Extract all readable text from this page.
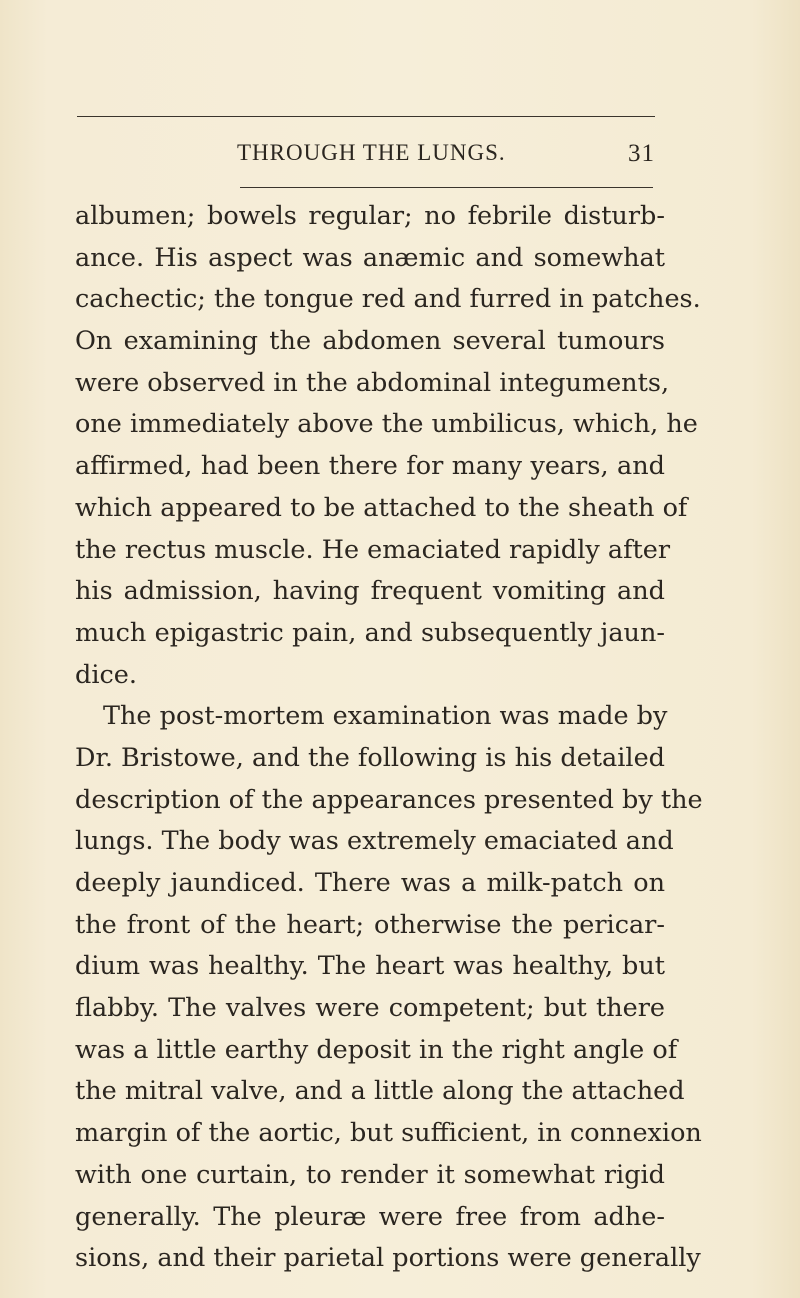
THROUGH THE LUNGS.	31
albumen; bowels regular; no febrile disturb-
ance. His aspect was anæmic and somewhat
cachectic; the tongue red and furred in patches.
On examining the abdomen several tumours
were observed in the abdominal integuments,
one immediately above the umbilicus, which, he
affirmed, had been there for many years, and
which appeared to be attached to the sheath of
the rectus muscle. He emaciated rapidly after
his admission, having frequent vomiting and
much epigastric pain, and subsequently jaun-
dice.
The post-mortem examination was made by
Dr. Bristowe, and the following is his detailed
description of the appearances presented by the
lungs. The body was extremely emaciated and
deeply jaundiced. There was a milk-patch on
the front of the heart; otherwise the pericar-
dium was healthy. The heart was healthy, but
flabby. The valves were competent; but there
was a little earthy deposit in the right angle of
the mitral valve, and a little along the attached
margin of the aortic, but sufficient, in connexion
with one curtain, to render it somewhat rigid
generally. The pleuræ were free from adhe-
sions, and their parietal portions were generally
